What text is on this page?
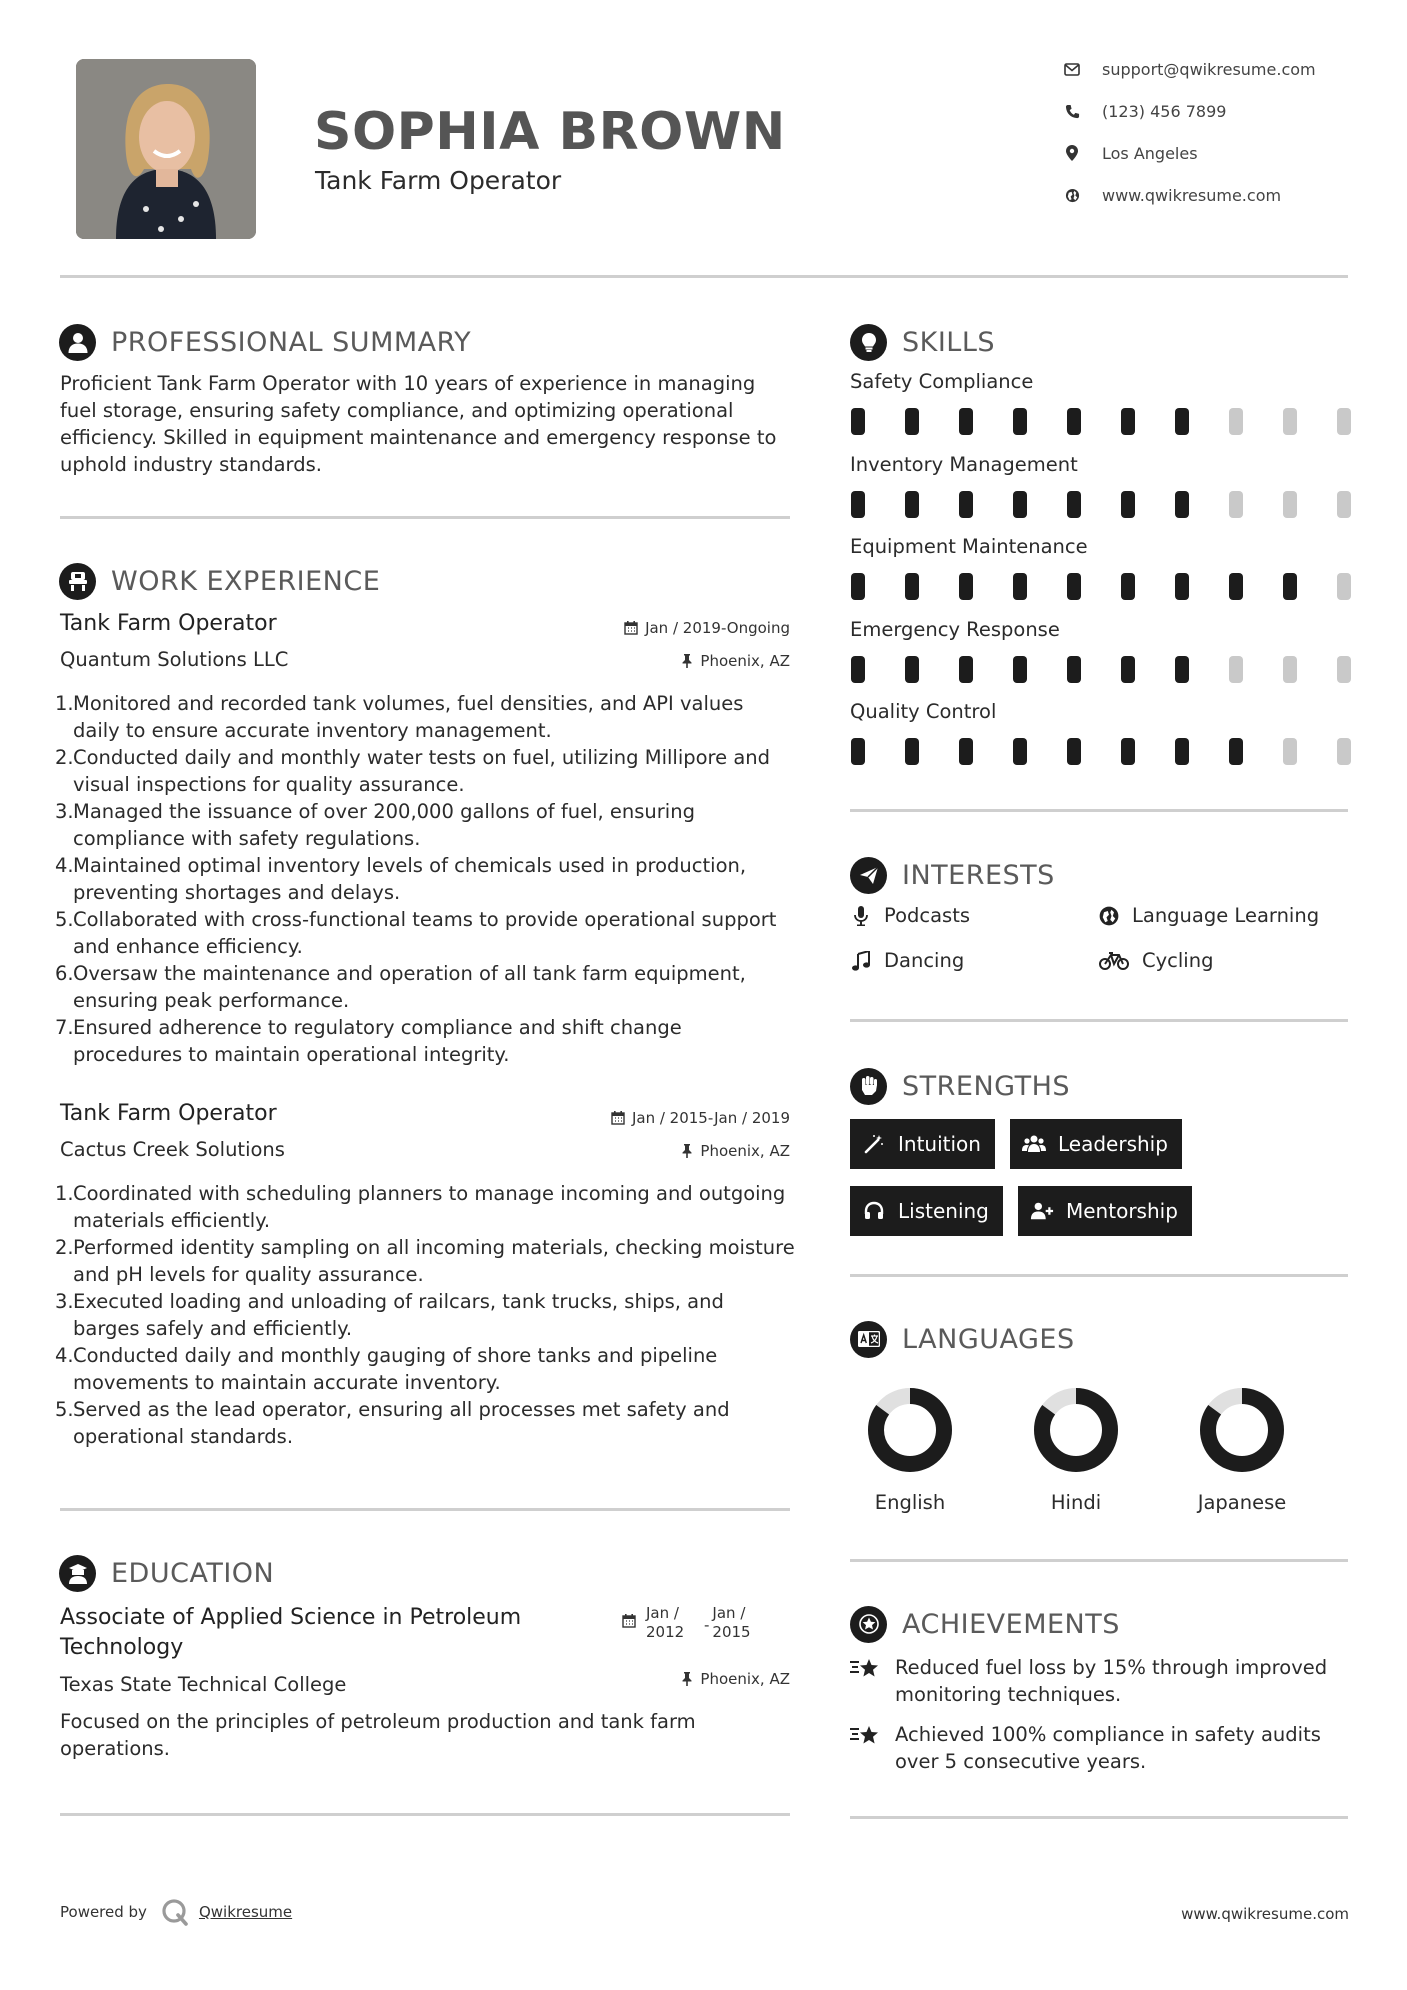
SOPHIA BROWN
Tank Farm Operator
support@qwikresume.com
(123) 456 7899
Los Angeles
www.qwikresume.com
PROFESSIONAL SUMMARY
Proficient Tank Farm Operator with 10 years of experience in managing fuel storage, ensuring safety compliance, and optimizing operational efficiency. Skilled in equipment maintenance and emergency response to uphold industry standards.
WORK EXPERIENCE
Tank Farm Operator	Jan / 2019-Ongoing
Quantum Solutions LLC	Phoenix, AZ
1. Monitored and recorded tank volumes, fuel densities, and API values daily to ensure accurate inventory management.
2. Conducted daily and monthly water tests on fuel, utilizing Millipore and visual inspections for quality assurance.
3. Managed the issuance of over 200,000 gallons of fuel, ensuring compliance with safety regulations.
4. Maintained optimal inventory levels of chemicals used in production, preventing shortages and delays.
5. Collaborated with cross-functional teams to provide operational support and enhance efficiency.
6. Oversaw the maintenance and operation of all tank farm equipment, ensuring peak performance.
7. Ensured adherence to regulatory compliance and shift change procedures to maintain operational integrity.
Tank Farm Operator	Jan / 2015-Jan / 2019
Cactus Creek Solutions	Phoenix, AZ
1. Coordinated with scheduling planners to manage incoming and outgoing materials efficiently.
2. Performed identity sampling on all incoming materials, checking moisture and pH levels for quality assurance.
3. Executed loading and unloading of railcars, tank trucks, ships, and barges safely and efficiently.
4. Conducted daily and monthly gauging of shore tanks and pipeline movements to maintain accurate inventory.
5. Served as the lead operator, ensuring all processes met safety and operational standards.
EDUCATION
Associate of Applied Science in Petroleum Technology
Jan / 2012	-
Jan / 2015
Texas State Technical College	Phoenix, AZ
Focused on the principles of petroleum production and tank farm operations.
SKILLS
Safety Compliance
Inventory Management
Equipment Maintenance
Emergency Response
Quality Control
INTERESTS
Podcasts	Language Learning
Dancing	Cycling
STRENGTHS
Intuition	Leadership
Listening	Mentorship
LANGUAGES
English	Hindi	Japanese
ACHIEVEMENTS
Reduced fuel loss by 15% through improved monitoring techniques.
Achieved 100% compliance in safety audits over 5 consecutive years.
Powered by	Qwikresume	www.qwikresume.com
